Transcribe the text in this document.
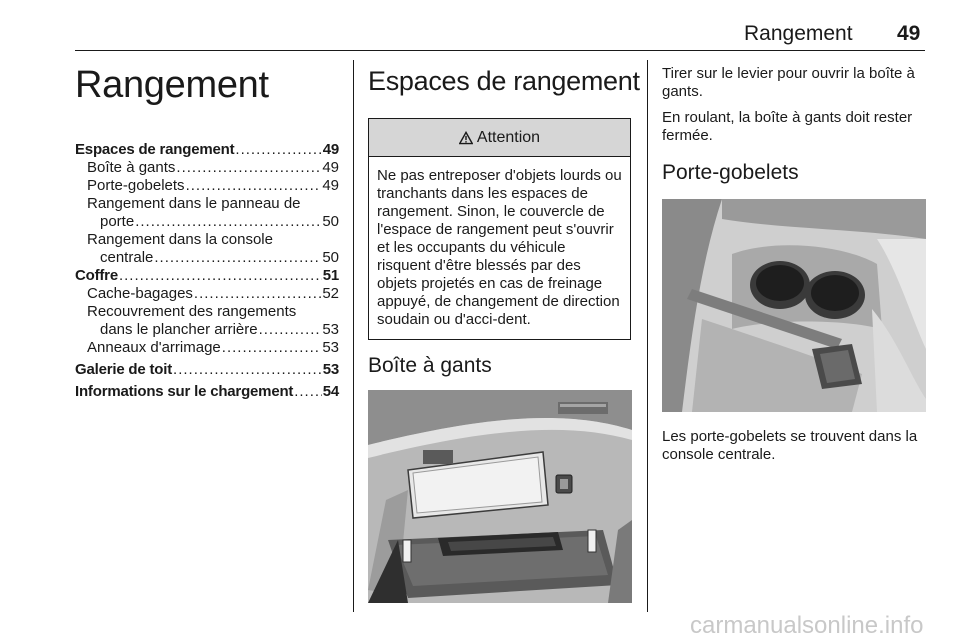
Rangement 49
Rangement
Espaces de rangement .....	49
Boîte à gants .....	49
Porte-gobelets .....	49
Rangement dans le panneau de
porte .....	50
Rangement dans la console
centrale .....	50
Coffre .....	51
Cache-bagages .....	52
Recouvrement des rangements
dans le plancher arrière .....	53
Anneaux d'arrimage .....	53
Galerie de toit .....	53
Informations sur le chargement ..... 54
Espaces de rangement
Attention
Ne pas entreposer d'objets lourds ou tranchants dans les espaces de rangement. Sinon, le couvercle de l'espace de rangement peut s'ouvrir et les occupants du véhicule risquent d'être blessés par des objets projetés en cas de freinage appuyé, de changement de direction soudain ou d'acci-dent.
Boîte à gants

Tirer sur le levier pour ouvrir la boîte à gants.

En roulant, la boîte à gants doit rester fermée.

Porte-gobelets

Les porte-gobelets se trouvent dans la console centrale.

carmanualsonline.info
